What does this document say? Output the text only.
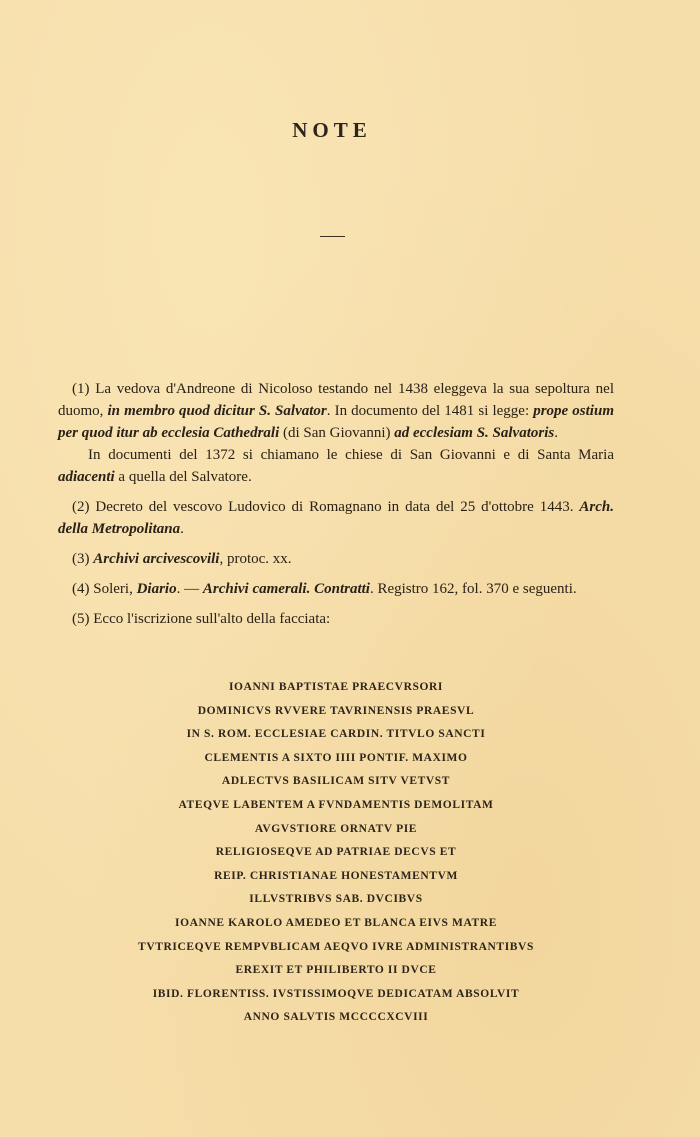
NOTE

(1) La vedova d'Andreone di Nicoloso testando nel 1438 eleggeva la sua sepoltura nel duomo, in membro quod dicitur S. Salvator. In documento del 1481 si legge: prope ostium per quod itur ab ecclesia Cathedrali (di San Giovanni) ad ecclesiam S. Salvatoris.

In documenti del 1372 si chiamano le chiese di San Giovanni e di Santa Maria adiacenti a quella del Salvatore.

(2) Decreto del vescovo Ludovico di Romagnano in data del 25 d'ottobre 1443. Arch. della Metropolitana.

(3) Archivi arcivescovili, protoc. xx.

(4) Soleri, Diario. — Archivi camerali. Contratti. Registro 162, fol. 370 e seguenti.

(5) Ecco l'iscrizione sull'alto della facciata:

IOANNI BAPTISTAE PRAECVRSORI
DOMINICVS RVVERE TAVRINENSIS PRAESVL
IN S. ROM. ECCLESIAE CARDIN. TITVLO SANCTI
CLEMENTIS A SIXTO IIII PONTIF. MAXIMO
ADLECTVS BASILICAM SITV VETVST
ATEQVE LABENTEM A FVNDAMENTIS DEMOLITAM
AVGVSTIORE ORNATV PIE
RELIGIOSEQVE AD PATRIAE DECVS ET
REIP. CHRISTIANAE HONESTAMENTVM
ILLVSTRIBVS SAB. DVCIBVS
IOANNE KAROLO AMEDEO ET BLANCA EIVS MATRE
TVTRICEQVE REMPVBLICAM AEQVO IVRE ADMINISTRANTIBVS
EREXIT ET PHILIBERTO II DVCE
IBID. FLORENTISS. IVSTISSIMOQVE DEDICATAM ABSOLVIT
ANNO SALVTIS MCCCCXCVIII
